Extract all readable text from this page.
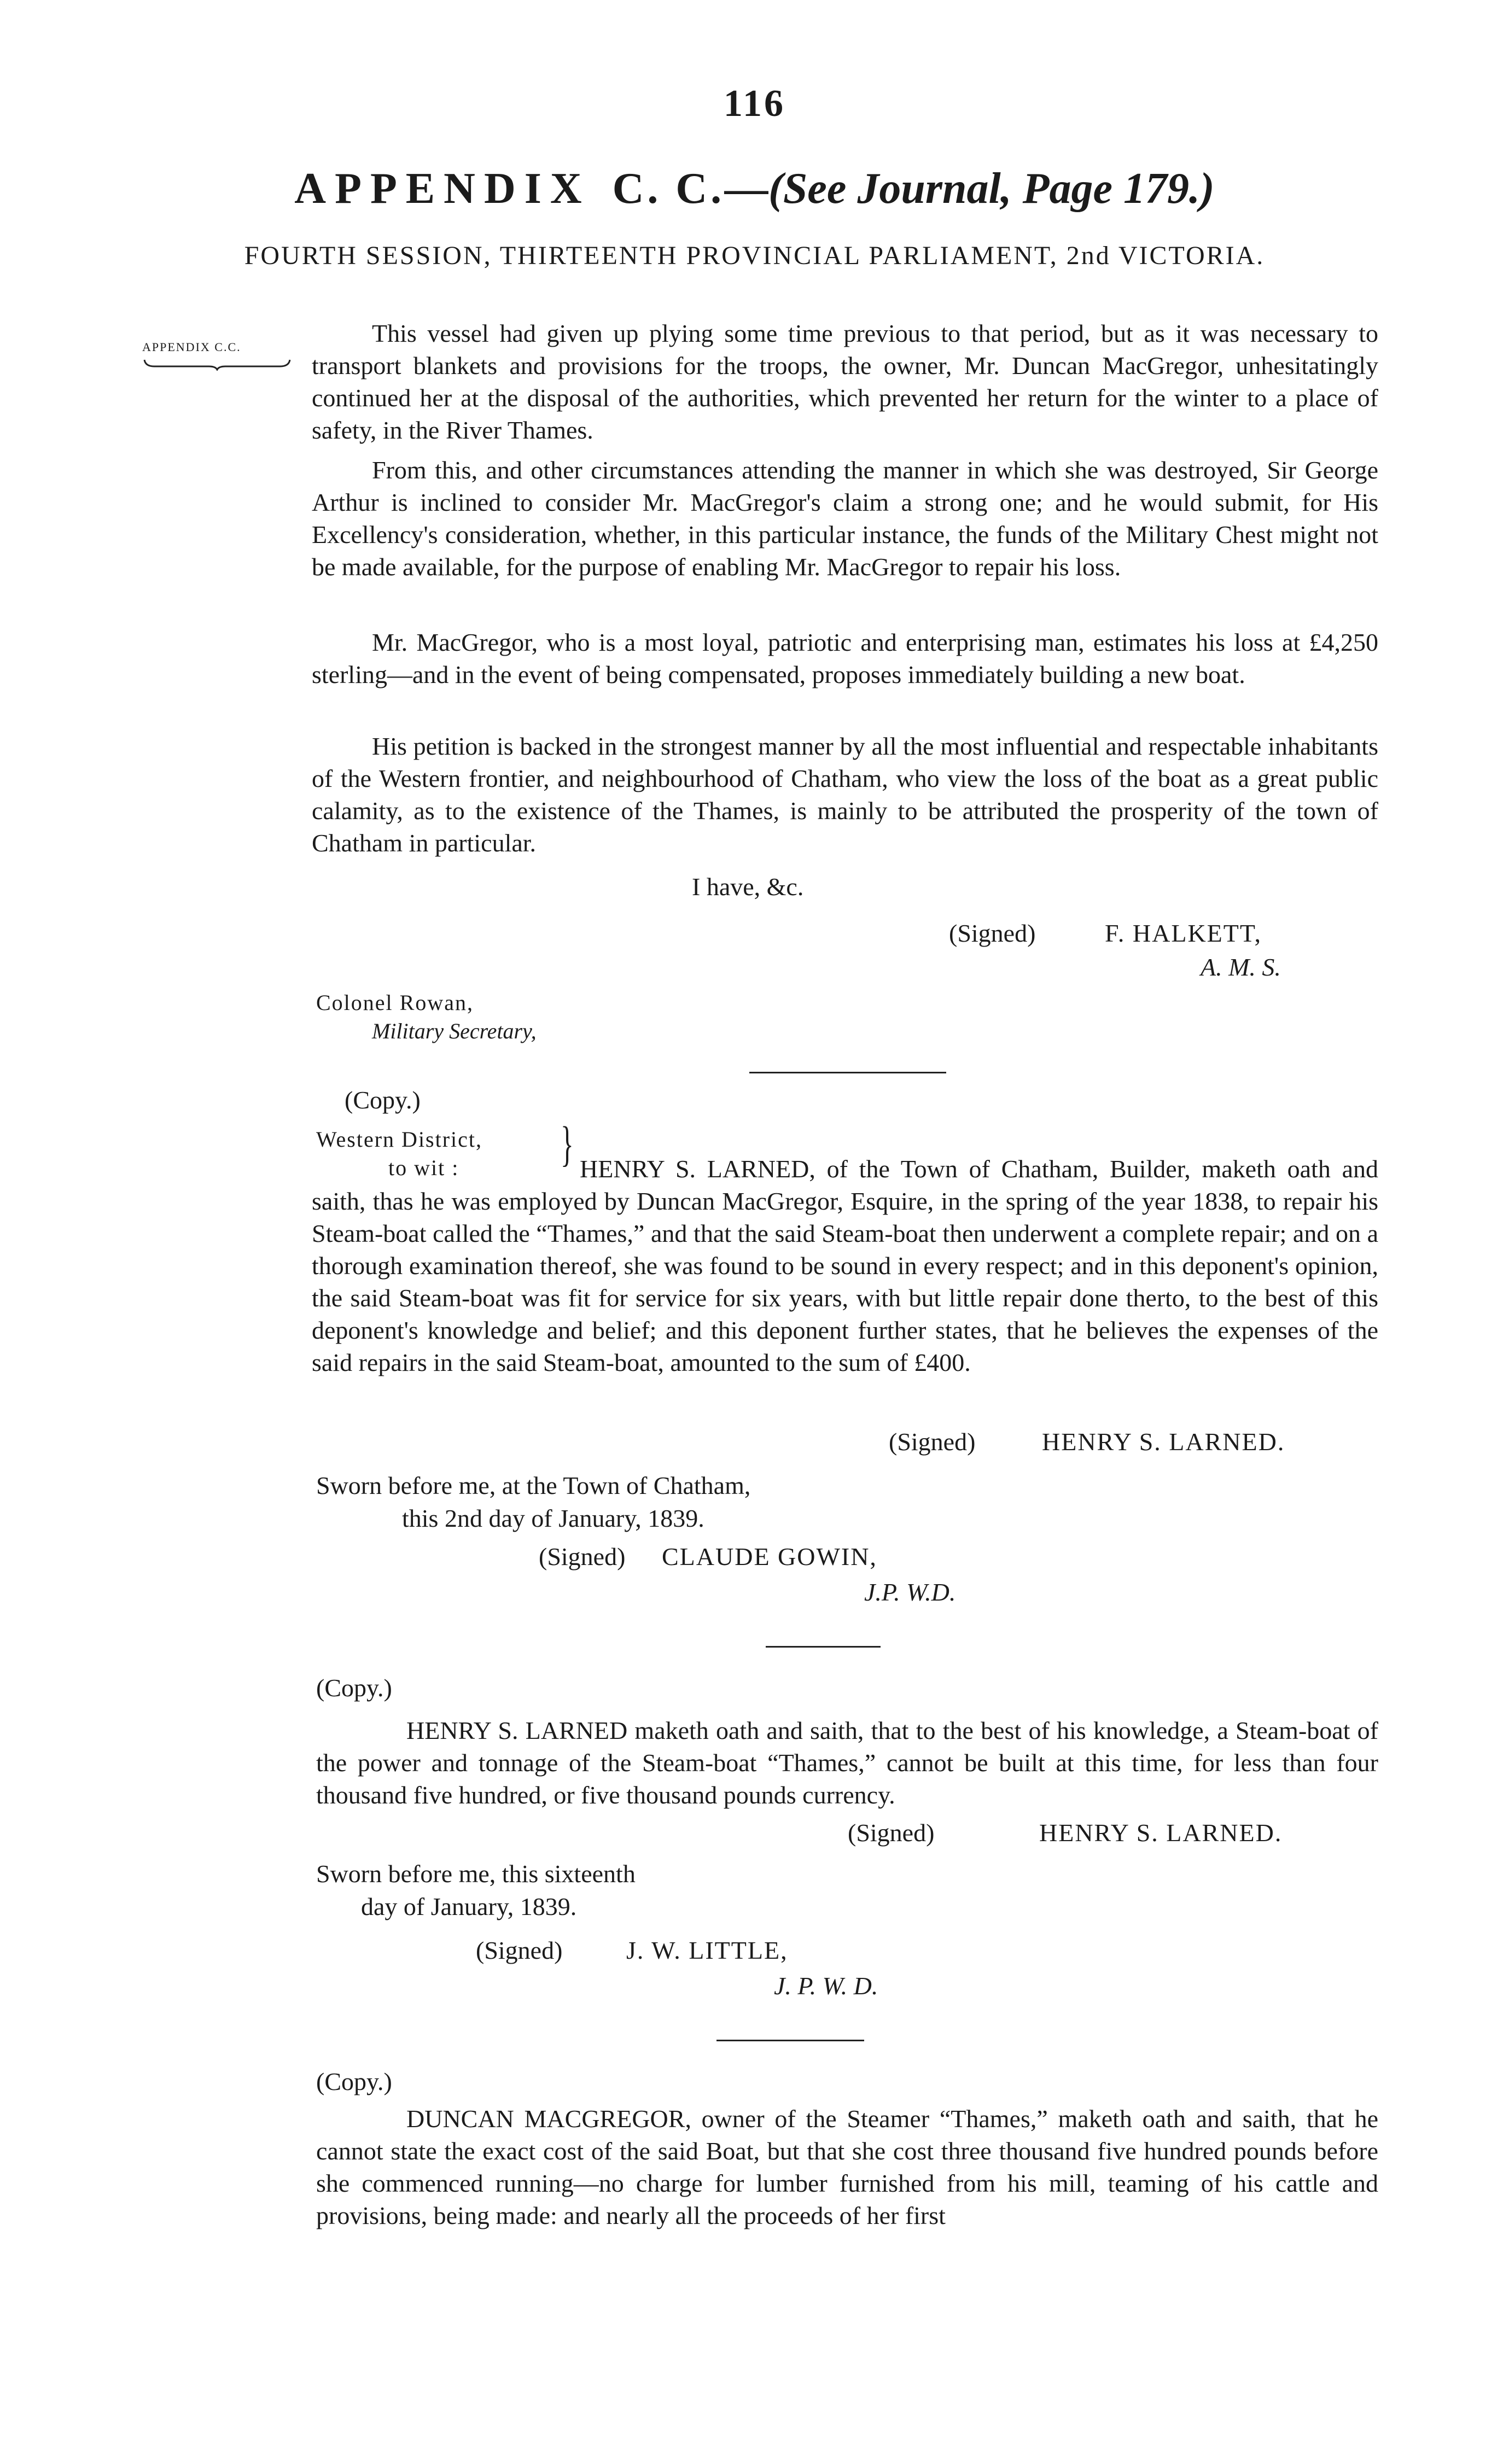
116
APPENDIX C. C.—(See Journal, Page 179.)
FOURTH SESSION, THIRTEENTH PROVINCIAL PARLIAMENT, 2nd VICTORIA.
APPENDIX C.C.	This vessel had given up plying some time previous to that period, but as it was necessary to transport blankets and provisions for the troops, the owner, Mr. Duncan MacGregor, unhesitatingly continued her at the disposal of the authorities, which prevented her return for the winter to a place of safety, in the River Thames.

From this, and other circumstances attending the manner in which she was destroyed, Sir George Arthur is inclined to consider Mr. MacGregor's claim a strong one; and he would submit, for His Excellency's consideration, whether, in this particular instance, the funds of the Military Chest might not be made available, for the purpose of enabling Mr. MacGregor to repair his loss.

Mr. MacGregor, who is a most loyal, patriotic and enterprising man, estimates his loss at £4,250 sterling—and in the event of being compensated, proposes immediately building a new boat.

His petition is backed in the strongest manner by all the most influential and respectable inhabitants of the Western frontier, and neighbourhood of Chatham, who view the loss of the boat as a great public calamity, as to the existence of the Thames, is mainly to be attributed the prosperity of the town of Chatham in particular.

I have, &c.
(Signed)	F. HALKETT,
A. M. S.
Colonel Rowan,
Military Secretary,
(Copy.)
Western District,
to wit : } HENRY S. LARNED, of the Town of Chatham, Builder, maketh oath and saith, thas he was employed by Duncan MacGregor, Esquire, in the spring of the year 1838, to repair his Steam-boat called the “Thames,” and that the said Steam-boat then underwent a complete repair; and on a thorough examination thereof, she was found to be sound in every respect; and in this deponent's opinion, the said Steam-boat was fit for service for six years, with but little repair done therto, to the best of this deponent's knowledge and belief; and this deponent further states, that he believes the expenses of the said repairs in the said Steam-boat, amounted to the sum of £400.

(Signed)	HENRY S. LARNED.
Sworn before me, at the Town of Chatham,
this 2nd day of January, 1839.
(Signed) CLAUDE GOWIN,
J.P. W.D.
(Copy.)

HENRY S. LARNED maketh oath and saith, that to the best of his knowledge, a Steam-boat of the power and tonnage of the Steam-boat “Thames,” cannot be built at this time, for less than four thousand five hundred, or five thousand pounds currency.

(Signed)	HENRY S. LARNED.
Sworn before me, this sixteenth
day of January, 1839.
(Signed)	J. W. LITTLE,
J. P. W. D.
(Copy.)

DUNCAN MACGREGOR, owner of the Steamer “Thames,” maketh oath and saith, that he cannot state the exact cost of the said Boat, but that she cost three thousand five hundred pounds before she commenced running—no charge for lumber furnished from his mill, teaming of his cattle and provisions, being made: and nearly all the proceeds of her first
